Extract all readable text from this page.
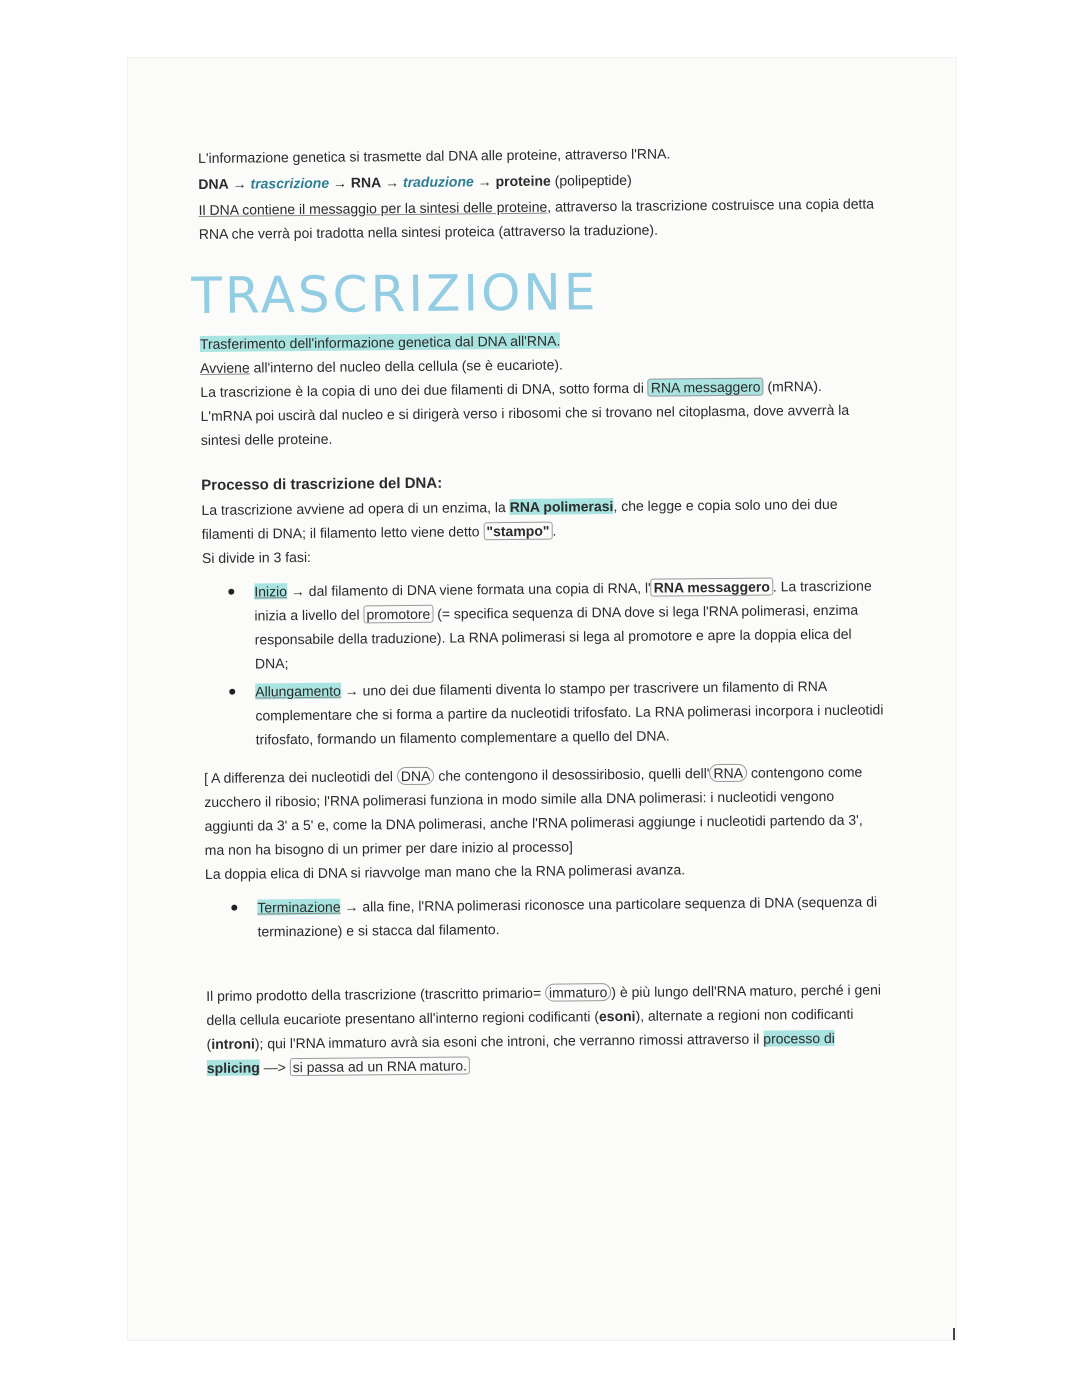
L'informazione genetica si trasmette dal DNA alle proteine, attraverso l'RNA.

DNA → trascrizione → RNA → traduzione → proteine (polipeptide)

Il DNA contiene il messaggio per la sintesi delle proteine, attraverso la trascrizione costruisce una copia detta RNA che verrà poi tradotta nella sintesi proteica (attraverso la traduzione).

TRASCRIZIONE

Trasferimento dell'informazione genetica dal DNA all'RNA.

Avviene all'interno del nucleo della cellula (se è eucariote).

La trascrizione è la copia di uno dei due filamenti di DNA, sotto forma di RNA messaggero (mRNA).

L'mRNA poi uscirà dal nucleo e si dirigerà verso i ribosomi che si trovano nel citoplasma, dove avverrà la sintesi delle proteine.

Processo di trascrizione del DNA:

La trascrizione avviene ad opera di un enzima, la RNA polimerasi, che legge e copia solo uno dei due filamenti di DNA; il filamento letto viene detto "stampo" .

Si divide in 3 fasi:

Inizio → dal filamento di DNA viene formata una copia di RNA, l' RNA messaggero . La trascrizione inizia a livello del promotore (= specifica sequenza di DNA dove si lega l'RNA polimerasi, enzima responsabile della traduzione). La RNA polimerasi si lega al promotore e apre la doppia elica del DNA;
Allungamento → uno dei due filamenti diventa lo stampo per trascrivere un filamento di RNA complementare che si forma a partire da nucleotidi trifosfato. La RNA polimerasi incorpora i nucleotidi trifosfato, formando un filamento complementare a quello del DNA.

[ A differenza dei nucleotidi del DNA che contengono il desossiribosio, quelli dell' RNA contengono come zucchero il ribosio; l'RNA polimerasi funziona in modo simile alla DNA polimerasi: i nucleotidi vengono aggiunti da 3' a 5' e, come la DNA polimerasi, anche l'RNA polimerasi aggiunge i nucleotidi partendo da 3', ma non ha bisogno di un primer per dare inizio al processo]

La doppia elica di DNA si riavvolge man mano che la RNA polimerasi avanza.

Terminazione → alla fine, l'RNA polimerasi riconosce una particolare sequenza di DNA (sequenza di terminazione) e si stacca dal filamento.

Il primo prodotto della trascrizione (trascritto primario= immaturo ) è più lungo dell'RNA maturo, perché i geni della cellula eucariote presentano all'interno regioni codificanti (esoni), alternate a regioni non codificanti (introni); qui l'RNA immaturo avrà sia esoni che introni, che verranno rimossi attraverso il processo di splicing —> si passa ad un RNA maturo.
